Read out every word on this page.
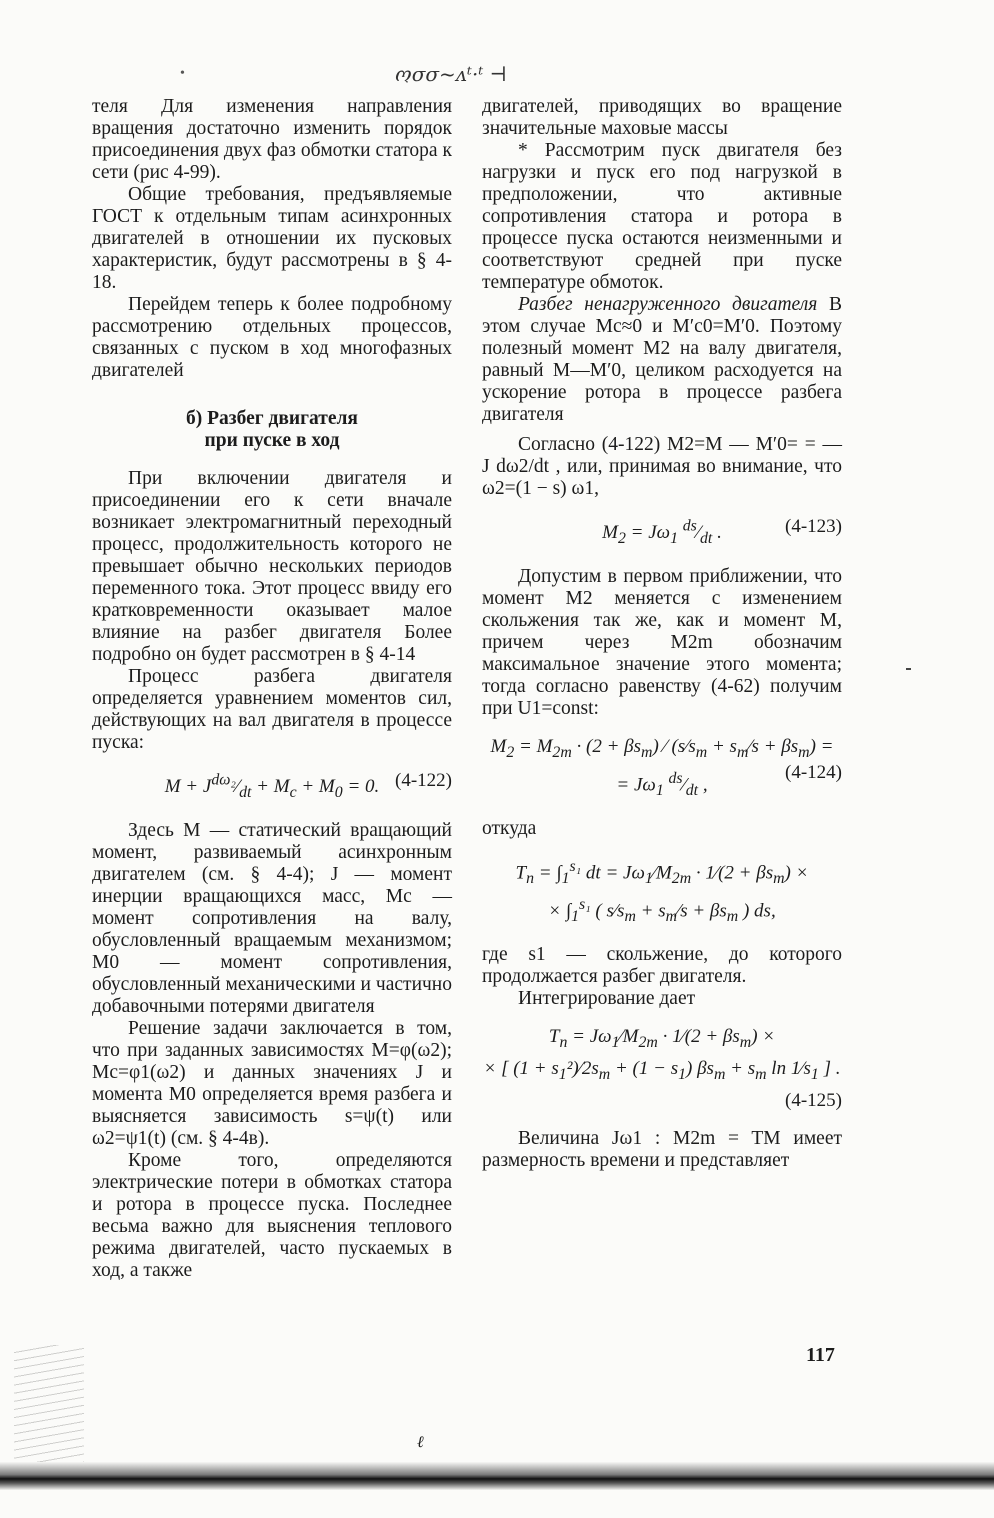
•	ოσσ~ᴧᵗ·ᵗ ⊣

теля Для изменения направления вращения достаточно изменить порядок присоединения двух фаз обмотки статора к сети (рис 4-99).

Общие требования, предъявляемые ГОСТ к отдельным типам асинхронных двигателей в отношении их пусковых характеристик, будут рассмотрены в § 4-18.

Перейдем теперь к более подробному рассмотрению отдельных процессов, связанных с пуском в ход многофазных двигателей

б) Разбег двигателя
при пуске в ход

При включении двигателя и присоединении его к сети вначале возникает электромагнитный переходный процесс, продолжительность которого не превышает обычно нескольких периодов переменного тока. Этот процесс ввиду его кратковременности оказывает малое влияние на разбег двигателя Более подробно он будет рассмотрен в § 4-14

Процесс разбега двигателя определяется уравнением моментов сил, действующих на вал двигателя в процессе пуска:

$M + J^{d\omega_2}⁄_{dt} + M_c + M_0 = 0$. (4-122)

Здесь М — статический вращающий момент, развиваемый асинхронным двигателем (см. § 4-4); J — момент инерции вращающихся масс, Мс — момент сопротивления на валу, обусловленный вращаемым механизмом; М0 — момент сопротивления, обусловленный механическими и частично добавочными потерями двигателя

Решение задачи заключается в том, что при заданных зависимостях М=φ(ω2); Мс=φ1(ω2) и данных значениях J и момента М0 определяется время разбега и выясняется зависимость s=ψ(t) или ω2=ψ1(t) (см. § 4-4в).

Кроме того, определяются электрические потери в обмотках статора и ротора в процессе пуска. Последнее весьма важно для выяснения теплового режима двигателей, часто пускаемых в ход, а также

двигателей, приводящих во вращение значительные маховые массы

* Рассмотрим пуск двигателя без нагрузки и пуск его под нагрузкой в предположении, что активные сопротивления статора и ротора в процессе пуска остаются неизменными и соответствуют средней при пуске температуре обмоток.

Разбег ненагруженного двигателя В этом случае Мс≈0 и М′с0=М′0. Поэтому полезный момент М2 на валу двигателя, равный М—М′0, целиком расходуется на ускорение ротора в процессе разбега двигателя

Согласно (4-122) М2=М — М′0= = — J dω2/dt , или, принимая во внимание, что ω2=(1 − s) ω1,

$M_2 = J\omega_1$ $^{ds}⁄_{dt}$ .	(4-123)

Допустим в первом приближении, что момент М2 меняется с изменением скольжения так же, как и момент М, причем через М2m обозначим максимальное значение этого момента; тогда согласно равенству (4-62) получим при U1=const:

$M_2 = M_{2m} \cdot (2 + \beta s_m)$ ⁄ ($s⁄s_m$ + $s_m⁄s + \beta s_m$) =
= $J\omega_1$ $^{ds}⁄_{dt}$ ,
(4-124)

откуда

$T_п = \int_1^{s_1}$ dt = $J\omega_1⁄M_{2m}$ · 1⁄(2 + $\beta s_m$) ×
× $\int_1^{s_1}$ ( $s⁄s_m$ + $s_m⁄s + \beta s_m$ ) ds,

где s1 — скольжение, до которого продолжается разбег двигателя.

Интегрирование дает

$T_п$ = $J\omega_1⁄M_{2m}$ · 1⁄(2 + $\beta s_m$) ×
× [ $(1 + s_1^2)⁄2s_m + (1 - s_1)$ $\beta s_m + s_m$ $\ln 1⁄s_1$ ] .
(4-125)

Величина Jω1 : M2m = TМ имеет размерность времени и представляет

117
ℓ
